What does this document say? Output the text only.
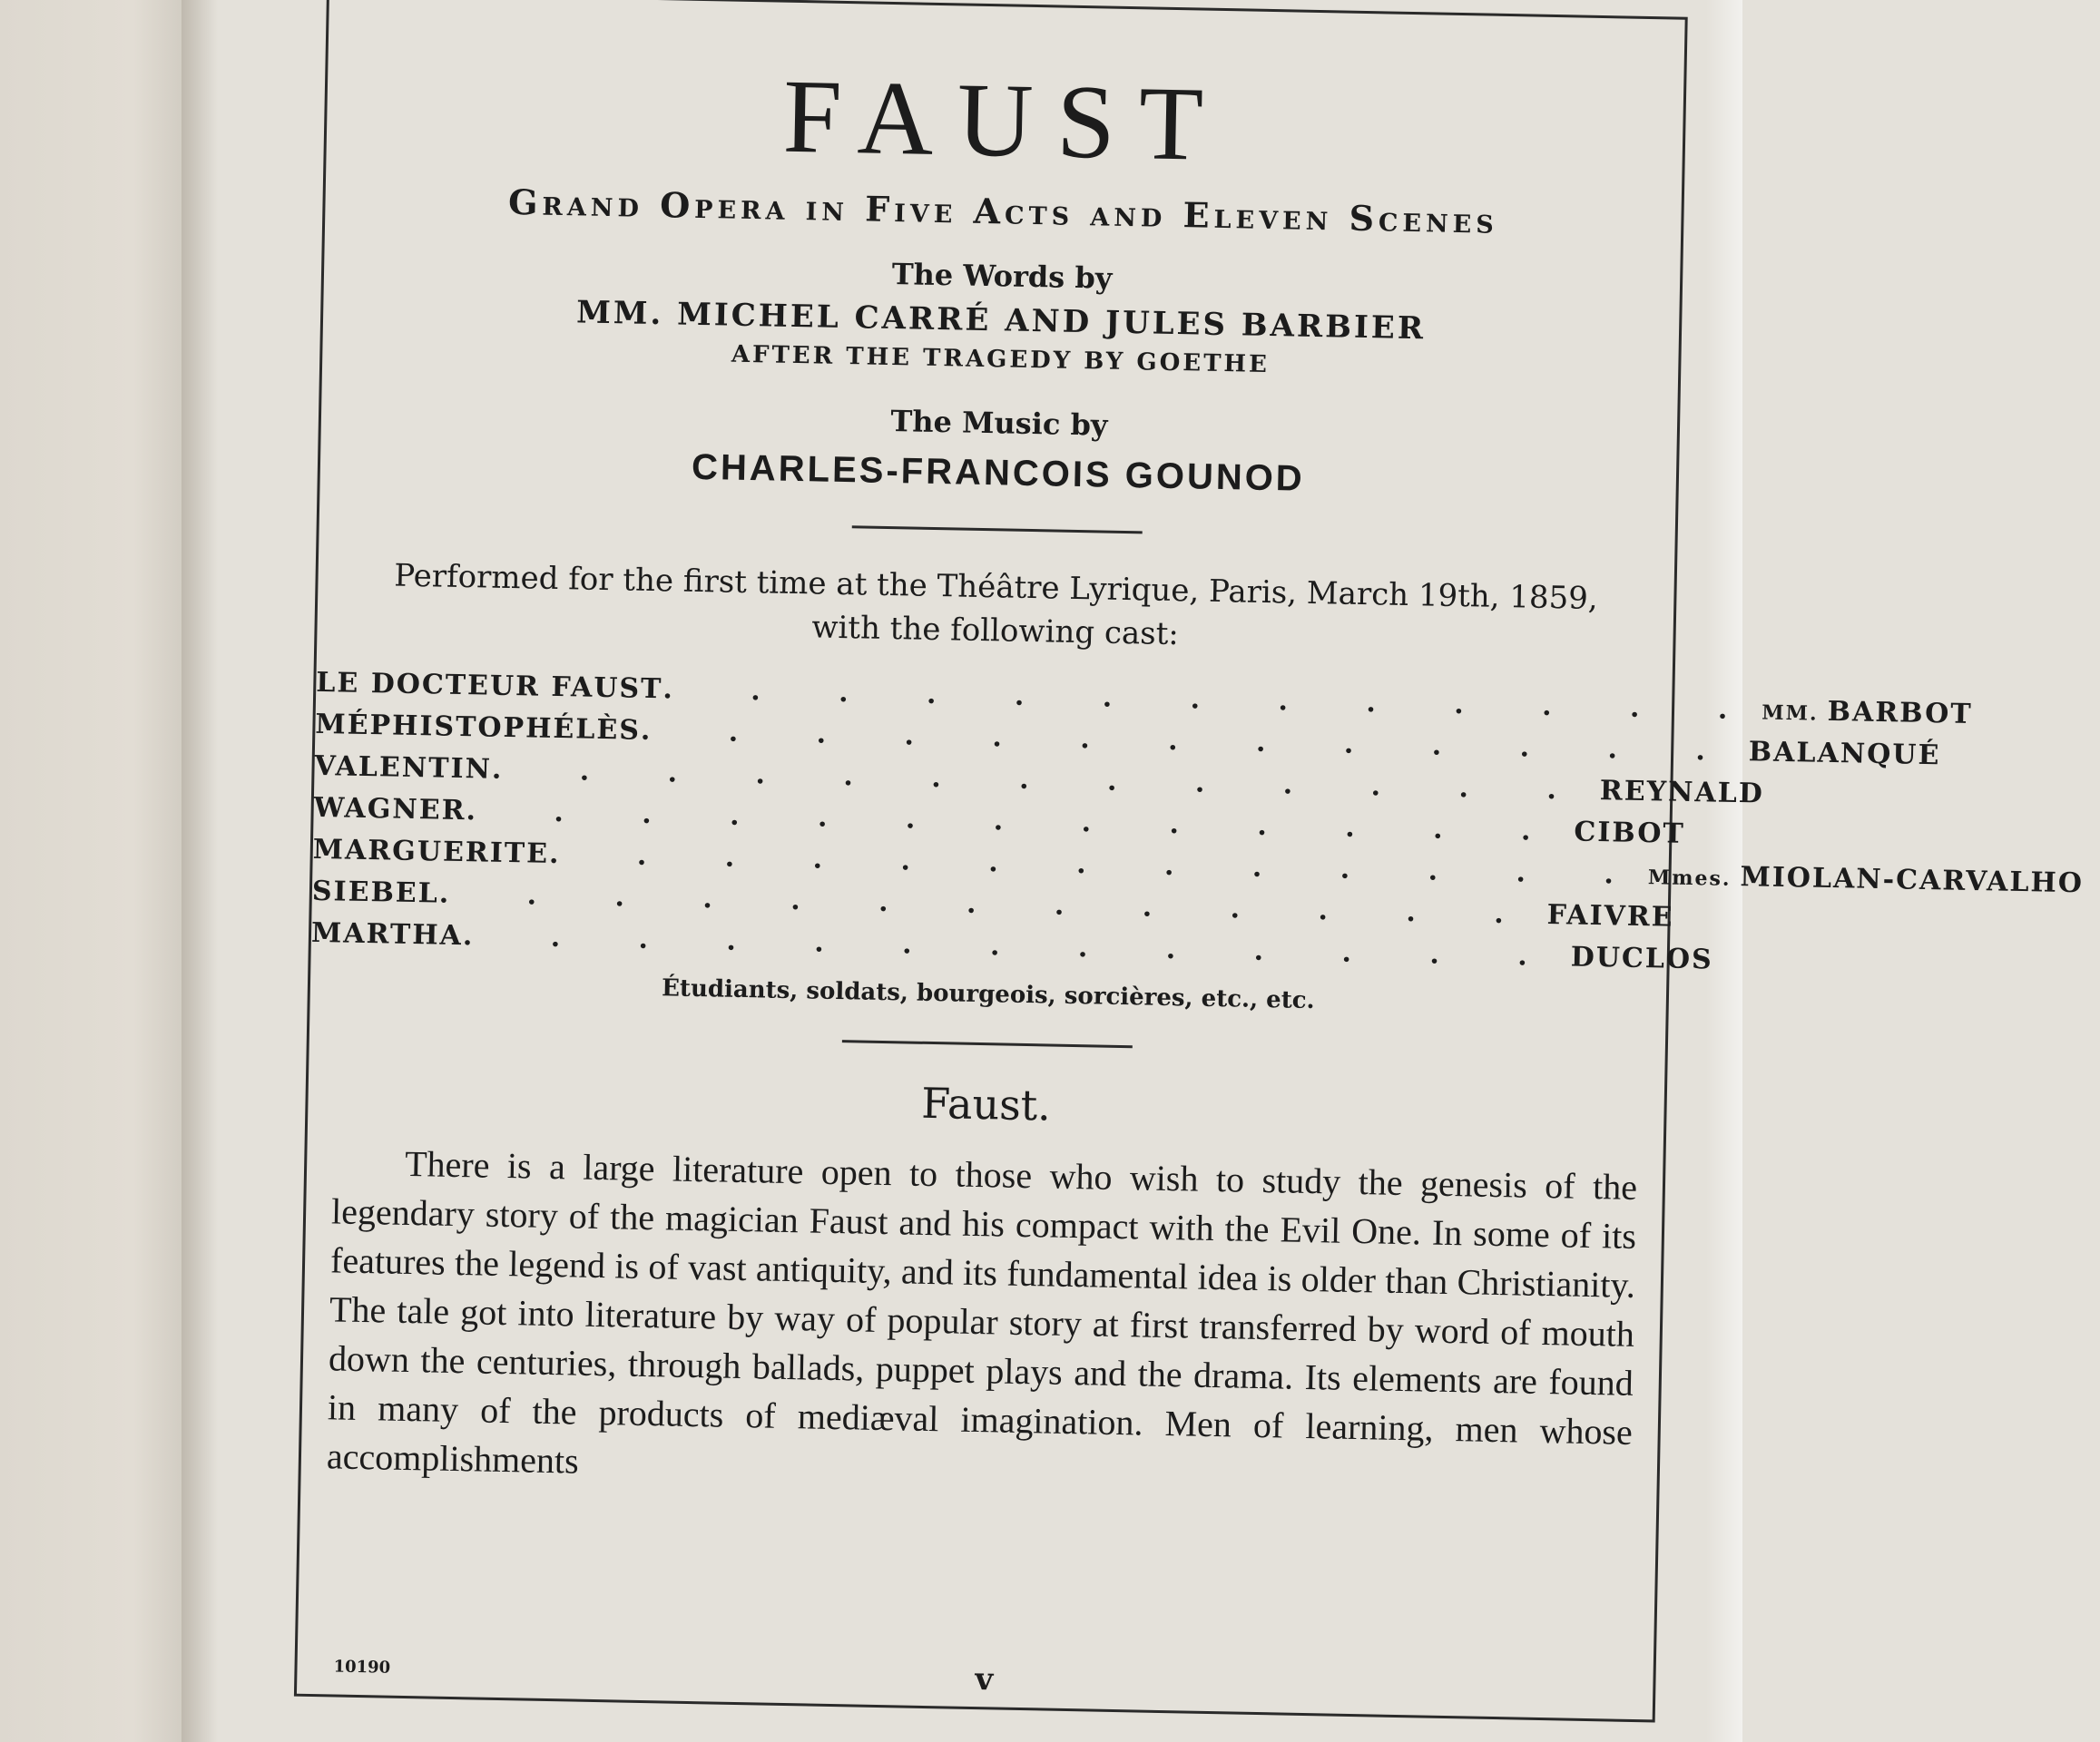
FAUST
Grand Opera in Five Acts and Eleven Scenes
The Words by
MM. MICHEL CARRÉ AND JULES BARBIER
AFTER THE TRAGEDY BY GOETHE
The Music by
CHARLES-FRANCOIS GOUNOD
Performed for the first time at the Théâtre Lyrique, Paris, March 19th, 1859,
with the following cast:
LE DOCTEUR FAUST . . . . . . . . . . . . . MM. BARBOT
MÉPHISTOPHÉLÈS . . . . . . . . . . . . . BALANQUÉ
VALENTIN . . . . . . . . . . . . . REYNALD
WAGNER . . . . . . . . . . . . . CIBOT
MARGUERITE . . . . . . . . . . . . . Mmes. MIOLAN-CARVALHO
SIEBEL . . . . . . . . . . . . . FAIVRE
MARTHA . . . . . . . . . . . . . DUCLOS
Étudiants, soldats, bourgeois, sorcières, etc., etc.
Faust.
There is a large literature open to those who wish to study the genesis of the legendary story of the magician Faust and his compact with the Evil One. In some of its features the legend is of vast antiquity, and its fundamental idea is older than Christianity. The tale got into literature by way of popular story at first transferred by word of mouth down the centuries, through ballads, puppet plays and the drama. Its elements are found in many of the products of mediæval imagination. Men of learning, men whose accomplishments
10190	v
